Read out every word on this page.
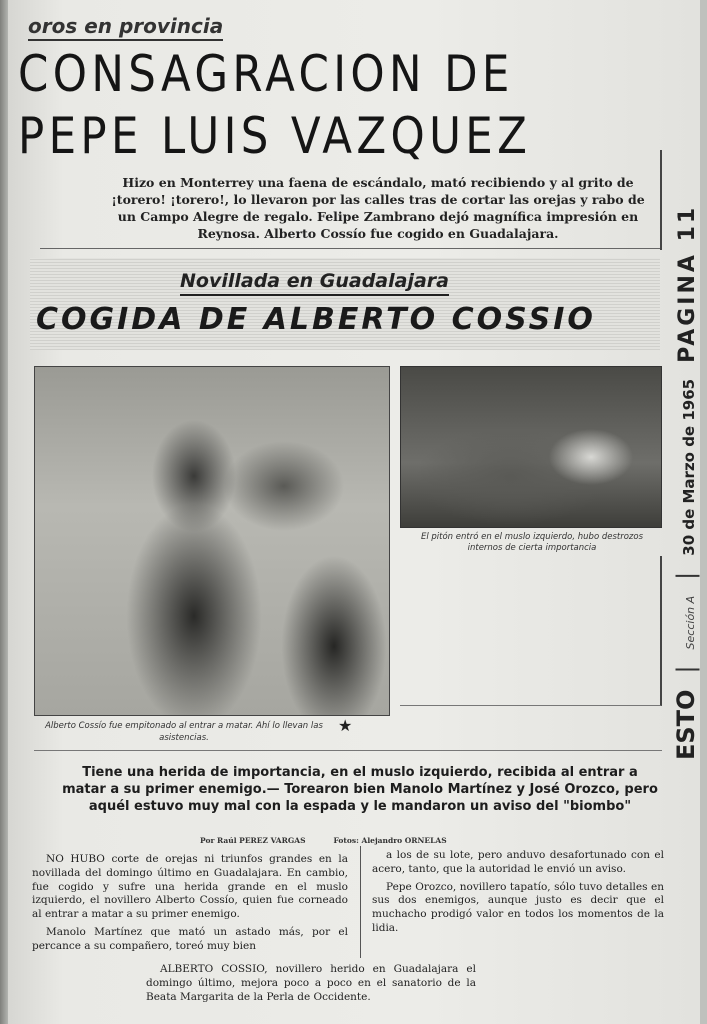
oros en provincia
CONSAGRACION DE
PEPE LUIS VAZQUEZ
Hizo en Monterrey una faena de escándalo, mató recibiendo y al grito de ¡torero! ¡torero!, lo llevaron por las calles tras de cortar las orejas y rabo de un Campo Alegre de regalo. Felipe Zambrano dejó magnífica impresión en Reynosa. Alberto Cossío fue cogido en Guadalajara.
Novillada en Guadalajara
COGIDA DE ALBERTO COSSIO
ESTO
|
Sección A
|
30 de Marzo de 1965
PAGINA 11
El pitón entró en el muslo izquierdo, hubo destrozos internos de cierta importancia
Alberto Cossío fue empitonado al entrar a matar. Ahí lo llevan las asistencias.
★
Tiene una herida de importancia, en el muslo izquierdo, recibida al entrar a matar a su primer enemigo.— Torearon bien Manolo Martínez y José Orozco, pero aquél estuvo muy mal con la espada y le mandaron un aviso del "biombo"
Por Raúl PEREZ VARGAS	Fotos: Alejandro ORNELAS

NO HUBO corte de orejas ni triunfos grandes en la novillada del domingo último en Guadalajara. En cambio, fue cogido y sufre una herida grande en el muslo izquierdo, el novillero Alberto Cossío, quien fue corneado al entrar a matar a su primer enemigo.

Manolo Martínez que mató un astado más, por el percance a su compañero, toreó muy bien

a los de su lote, pero anduvo desafortunado con el acero, tanto, que la autoridad le envió un aviso.

Pepe Orozco, novillero tapatío, sólo tuvo detalles en sus dos enemigos, aunque justo es decir que el muchacho prodigó valor en todos los momentos de la lidia.

ALBERTO COSSIO, novillero herido en Guadalajara el domingo último, mejora poco a poco en el sanatorio de la Beata Margarita de la Perla de Occidente.
